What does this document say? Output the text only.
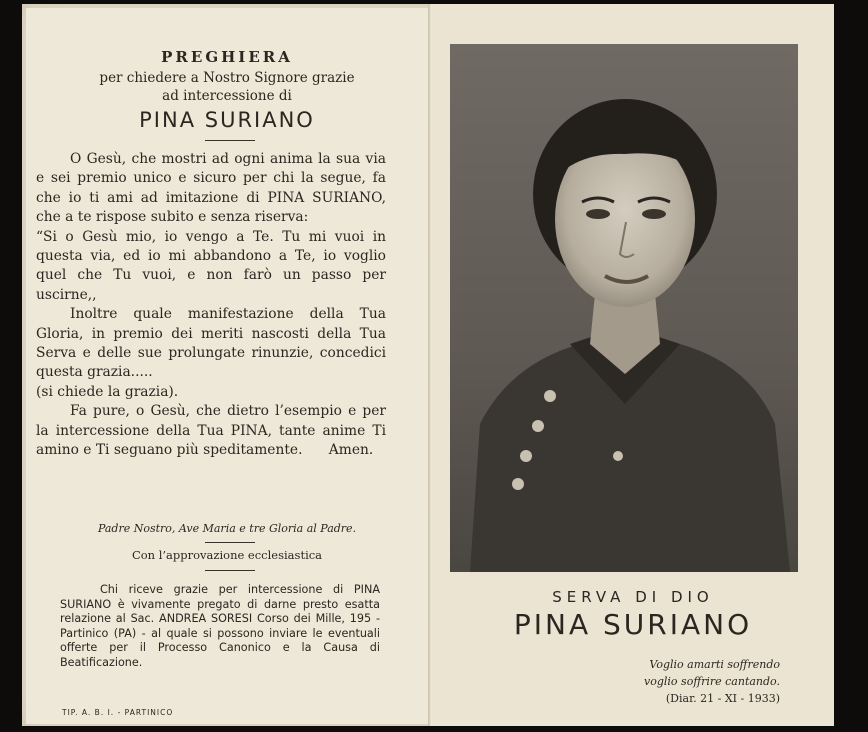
PREGHIERA
per chiedere a Nostro Signore grazie
ad intercessione di
PINA SURIANO

O Gesù, che mostri ad ogni anima la sua via e sei premio unico e sicuro per chi la segue, fa che io ti ami ad imitazione di PINA SURIANO, che a te rispose subito e senza riserva:

“Si o Gesù mio, io vengo a Te. Tu mi vuoi in questa via, ed io mi abbandono a Te, io voglio quel che Tu vuoi, e non farò un passo per uscirne,,

Inoltre quale manifestazione della Tua Gloria, in premio dei meriti nascosti della Tua Serva e delle sue prolungate rinunzie, concedici questa grazia.....

(si chiede la grazia).

Fa pure, o Gesù, che dietro l’esempio e per la intercessione della Tua PINA, tante anime Ti amino e Ti seguano più speditamente. Amen.

Padre Nostro, Ave Maria e tre Gloria al Padre.
Con l’approvazione ecclesiastica
Chi riceve grazie per intercessione di PINA SURIANO è vivamente pregato di darne presto esatta relazione al Sac. ANDREA SORESI Corso dei Mille, 195 - Partinico (PA) - al quale si possono inviare le eventuali offerte per il Processo Canonico e la Causa di Beatificazione.
TIP. A. B. I. - PARTINICO
SERVA DI DIO
PINA SURIANO
Voglio amarti soffrendo
voglio soffrire cantando.
(Diar. 21 - XI - 1933)
